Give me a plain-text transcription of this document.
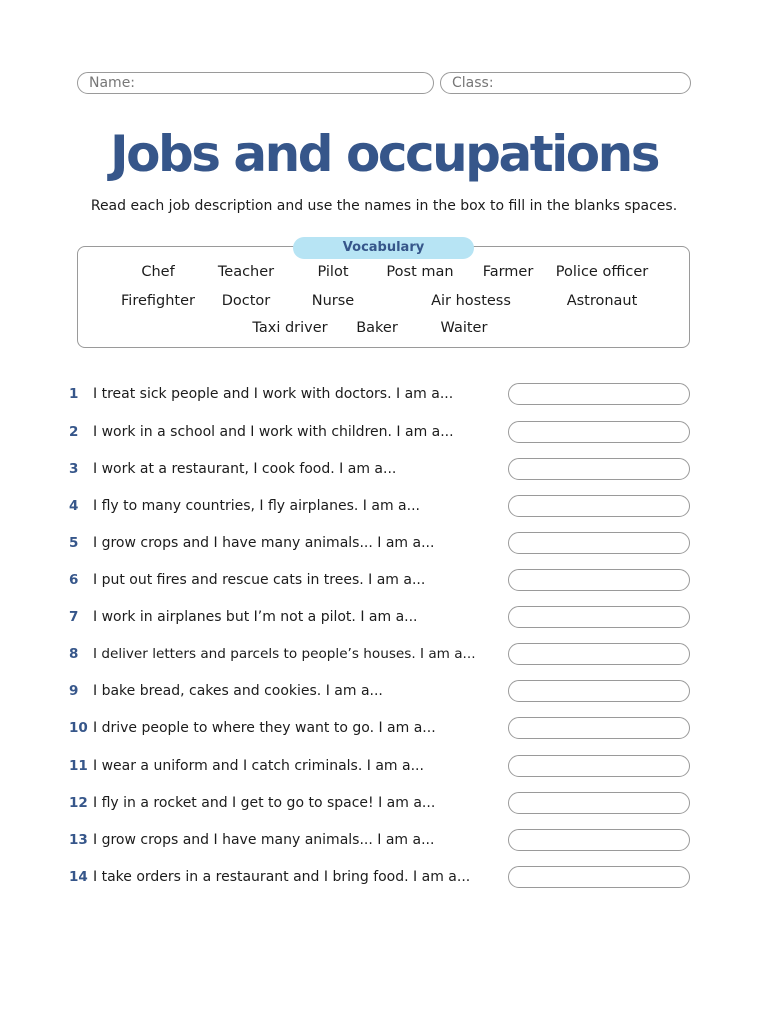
Name:	Class:
Jobs and occupations
Read each job description and use the names in the box to fill in the blanks spaces.
Vocabulary
Chef	Teacher	Pilot	Post man Farmer Police officer
Firefighter Doctor	Nurse	Air hostess	Astronaut
Taxi driver Baker	Waiter
1 I treat sick people and I work with doctors. I am a...
2 I work in a school and I work with children. I am a...
3 I work at a restaurant, I cook food. I am a...
4 I fly to many countries, I fly airplanes. I am a...
5 I grow crops and I have many animals... I am a...
6 I put out fires and rescue cats in trees. I am a...
7 I work in airplanes but I’m not a pilot. I am a...
8 I deliver letters and parcels to people’s houses. I am a...
9 I bake bread, cakes and cookies. I am a...
10 I drive people to where they want to go. I am a...
11 I wear a uniform and I catch criminals. I am a...
12 I fly in a rocket and I get to go to space! I am a...
13 I grow crops and I have many animals... I am a...
14 I take orders in a restaurant and I bring food. I am a...
